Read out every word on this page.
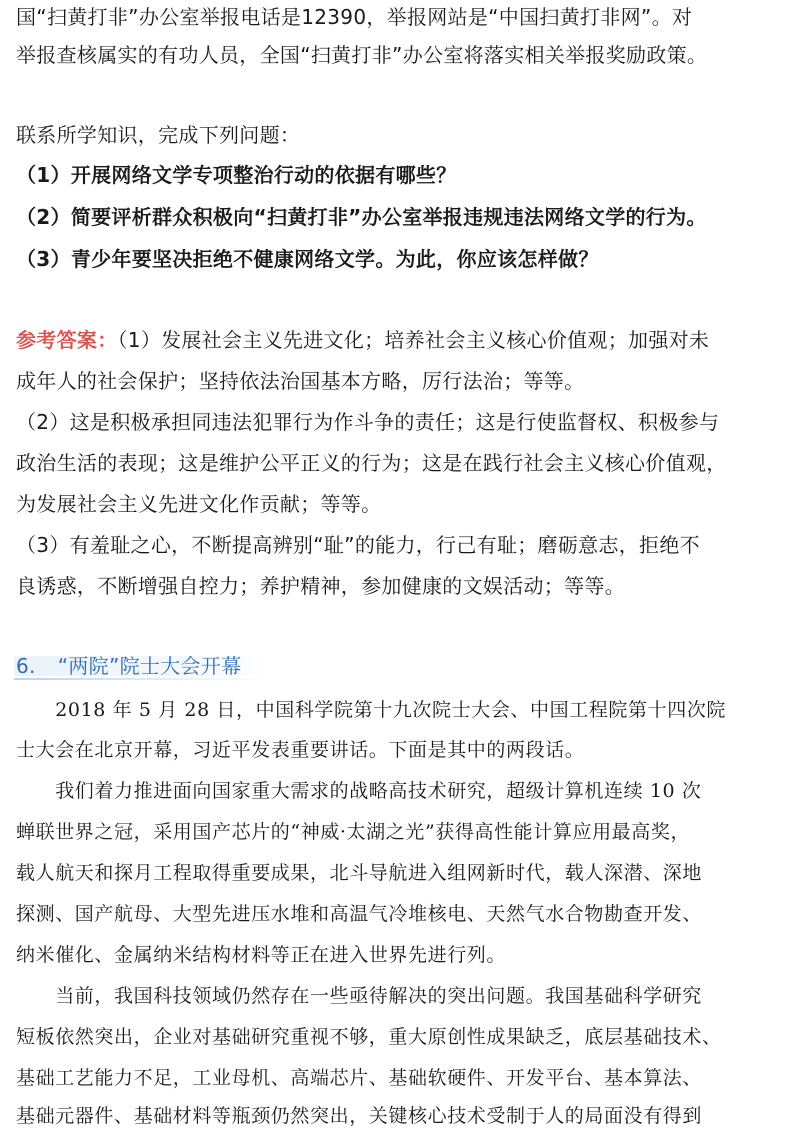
国“扫黄打非”办公室举报电话是12390，举报网站是“中国扫黄打非网”。对
举报查核属实的有功人员，全国“扫黄打非”办公室将落实相关举报奖励政策。
联系所学知识，完成下列问题：
（1）开展网络文学专项整治行动的依据有哪些？
（2）简要评析群众积极向“扫黄打非”办公室举报违规违法网络文学的行为。
（3）青少年要坚决拒绝不健康网络文学。为此，你应该怎样做？
参考答案：（1）发展社会主义先进文化；培养社会主义核心价值观；加强对未
成年人的社会保护；坚持依法治国基本方略，厉行法治；等等。
（2）这是积极承担同违法犯罪行为作斗争的责任；这是行使监督权、积极参与
政治生活的表现；这是维护公平正义的行为；这是在践行社会主义核心价值观，
为发展社会主义先进文化作贡献；等等。
（3）有羞耻之心，不断提高辨别“耻”的能力，行己有耻；磨砺意志，拒绝不
良诱惑，不断增强自控力；养护精神，参加健康的文娱活动；等等。
6. “两院”院士大会开幕
　　2018 年 5 月 28 日，中国科学院第十九次院士大会、中国工程院第十四次院
士大会在北京开幕，习近平发表重要讲话。下面是其中的两段话。
　　我们着力推进面向国家重大需求的战略高技术研究，超级计算机连续 10 次
蝉联世界之冠，采用国产芯片的“神威·太湖之光”获得高性能计算应用最高奖，
载人航天和探月工程取得重要成果，北斗导航进入组网新时代，载人深潜、深地
探测、国产航母、大型先进压水堆和高温气冷堆核电、天然气水合物勘查开发、
纳米催化、金属纳米结构材料等正在进入世界先进行列。
　　当前，我国科技领域仍然存在一些亟待解决的突出问题。我国基础科学研究
短板依然突出，企业对基础研究重视不够，重大原创性成果缺乏，底层基础技术、
基础工艺能力不足，工业母机、高端芯片、基础软硬件、开发平台、基本算法、
基础元器件、基础材料等瓶颈仍然突出，关键核心技术受制于人的局面没有得到
